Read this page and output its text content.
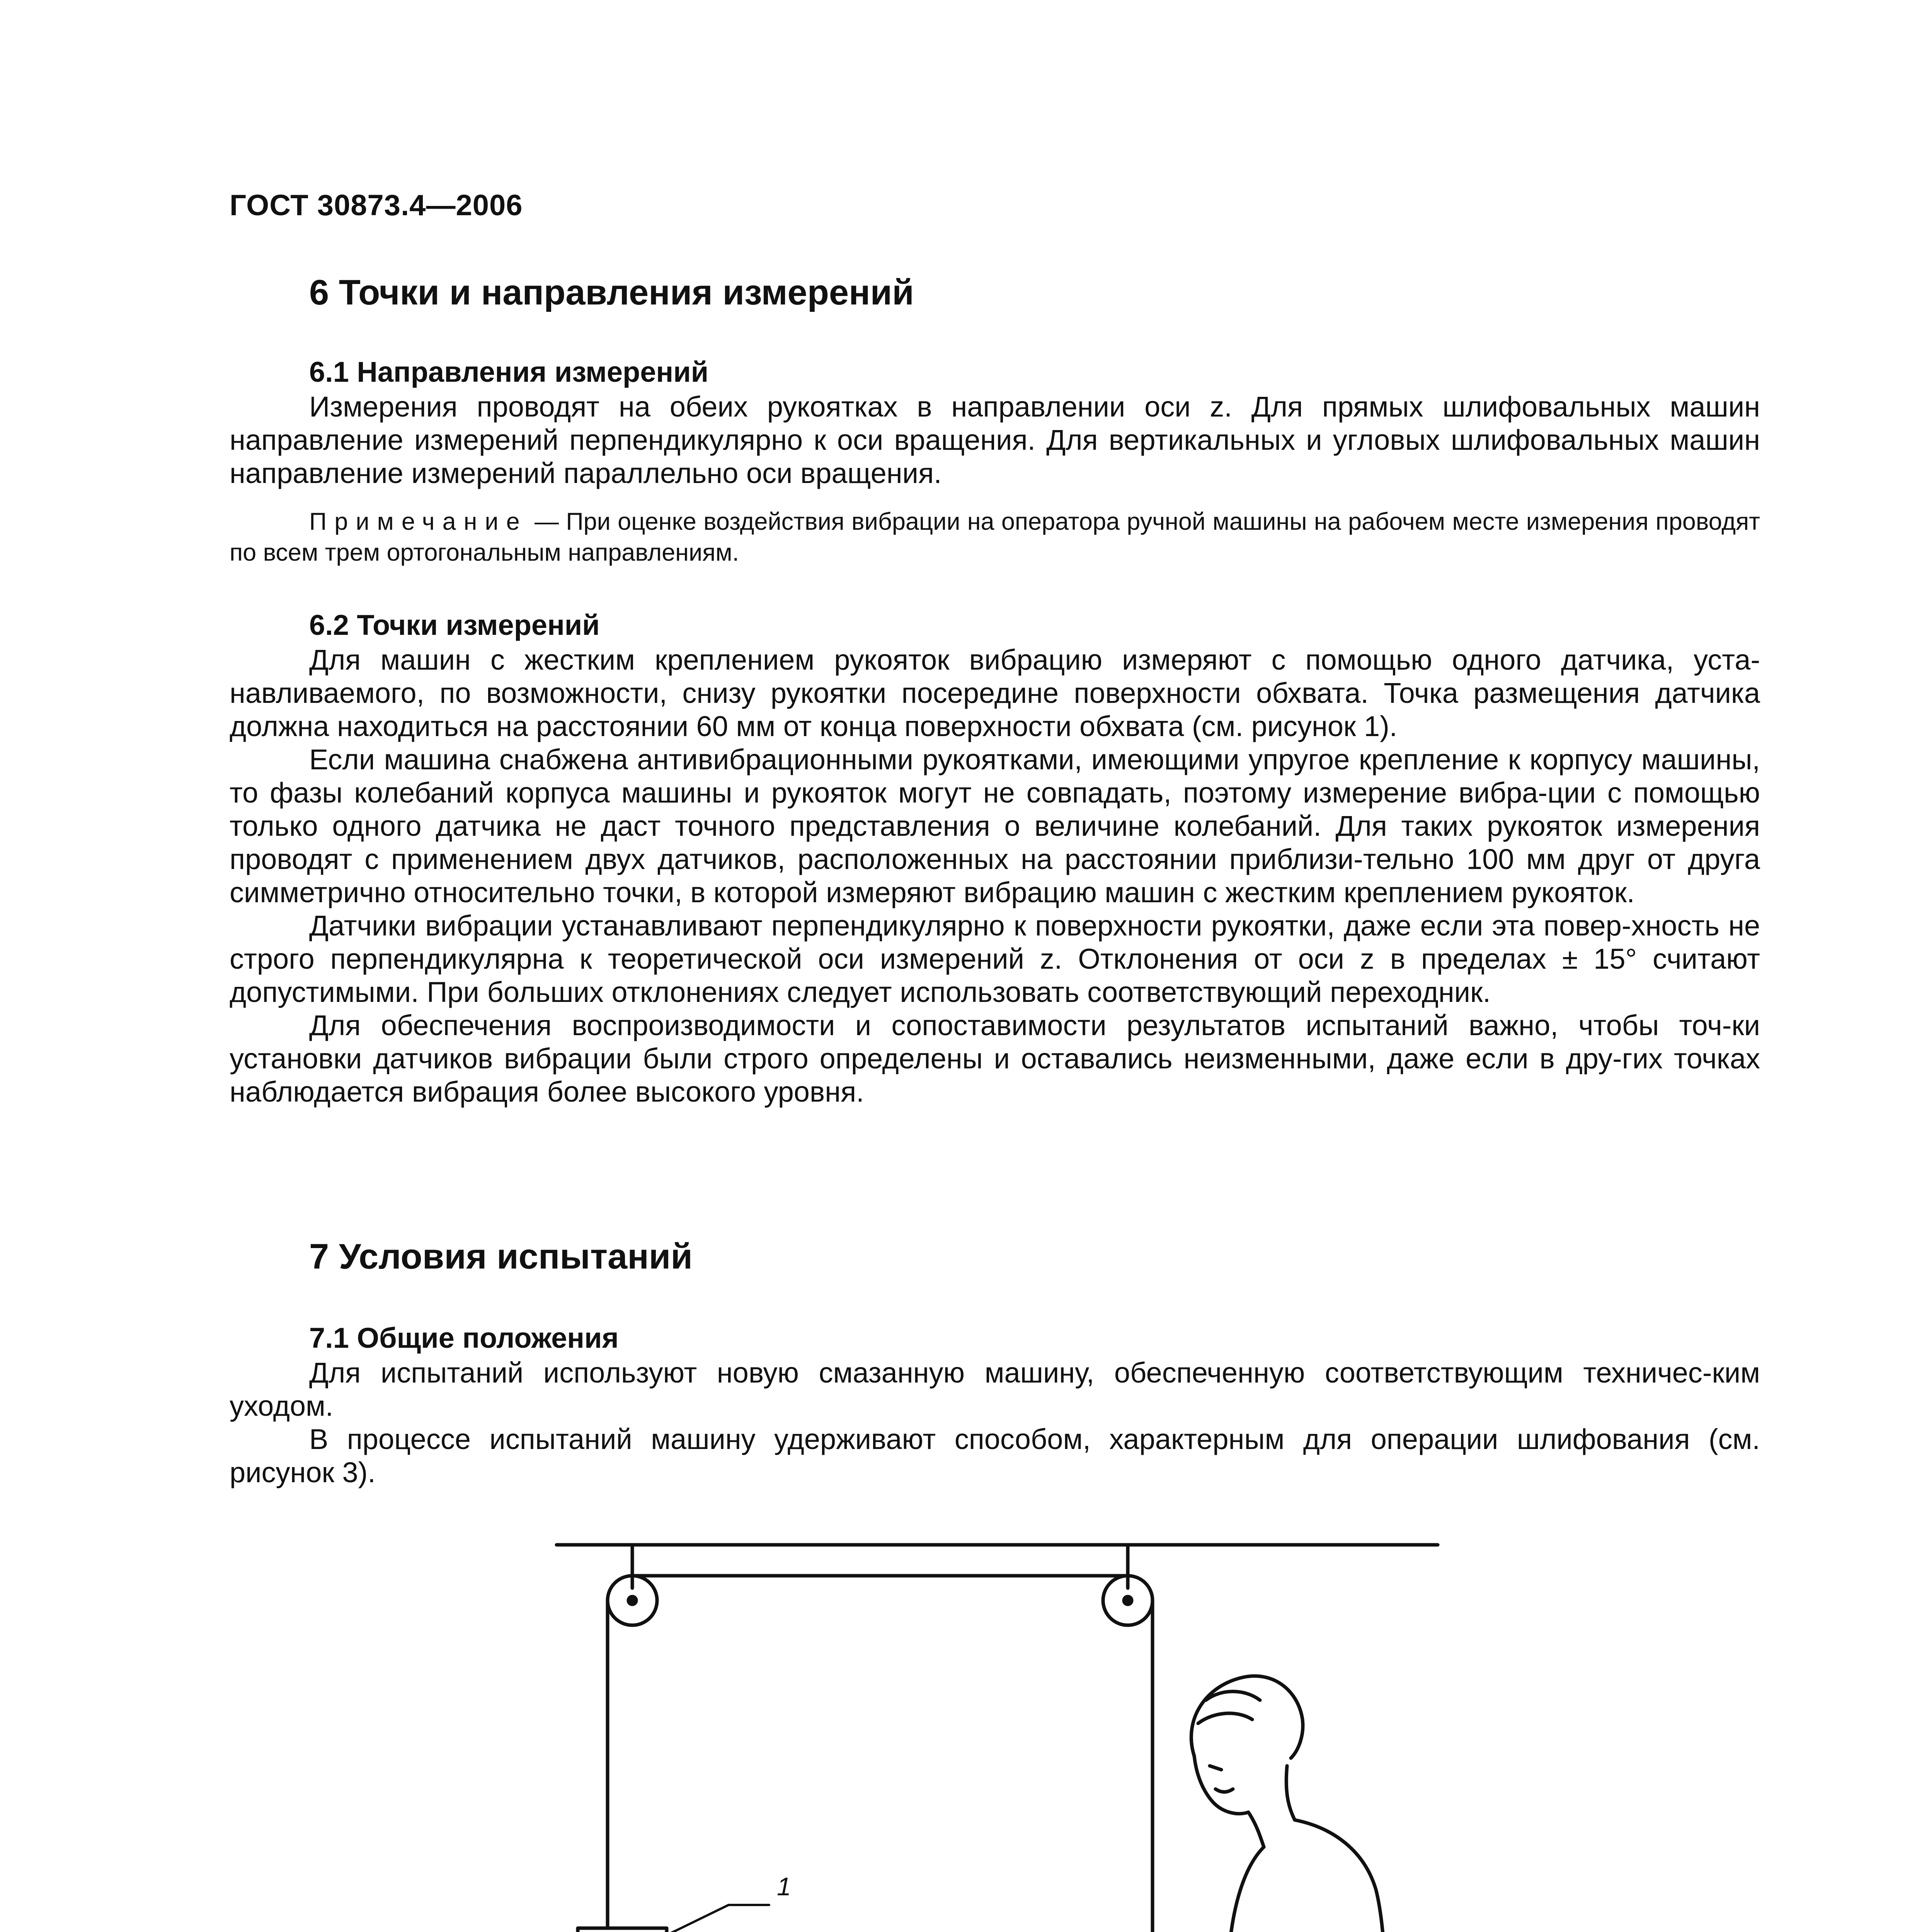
ГОСТ 30873.4—2006
6 Точки и направления измерений
6.1 Направления измерений

Измерения проводят на обеих рукоятках в направлении оси z. Для прямых шлифовальных машин направление измерений перпендикулярно к оси вращения. Для вертикальных и угловых шлифовальных машин направление измерений параллельно оси вращения.

Примечание — При оценке воздействия вибрации на оператора ручной машины на рабочем месте измерения проводят по всем трем ортогональным направлениям.

6.2 Точки измерений

Для машин с жестким креплением рукояток вибрацию измеряют с помощью одного датчика, уста-навливаемого, по возможности, снизу рукоятки посередине поверхности обхвата. Точка размещения датчика должна находиться на расстоянии 60 мм от конца поверхности обхвата (см. рисунок 1).

Если машина снабжена антивибрационными рукоятками, имеющими упругое крепление к корпусу машины, то фазы колебаний корпуса машины и рукояток могут не совпадать, поэтому измерение вибра-ции с помощью только одного датчика не даст точного представления о величине колебаний. Для таких рукояток измерения проводят с применением двух датчиков, расположенных на расстоянии приблизи-тельно 100 мм друг от друга симметрично относительно точки, в которой измеряют вибрацию машин с жестким креплением рукояток.

Датчики вибрации устанавливают перпендикулярно к поверхности рукоятки, даже если эта повер-хность не строго перпендикулярна к теоретической оси измерений z. Отклонения от оси z в пределах ± 15° считают допустимыми. При больших отклонениях следует использовать соответствующий переходник.

Для обеспечения воспроизводимости и сопоставимости результатов испытаний важно, чтобы точ-ки установки датчиков вибрации были строго определены и оставались неизменными, даже если в дру-гих точках наблюдается вибрация более высокого уровня.

7 Условия испытаний
7.1 Общие положения

Для испытаний используют новую смазанную машину, обеспеченную соответствующим техничес-ким уходом.

В процессе испытаний машину удерживают способом, характерным для операции шлифования (см. рисунок 3).

1
